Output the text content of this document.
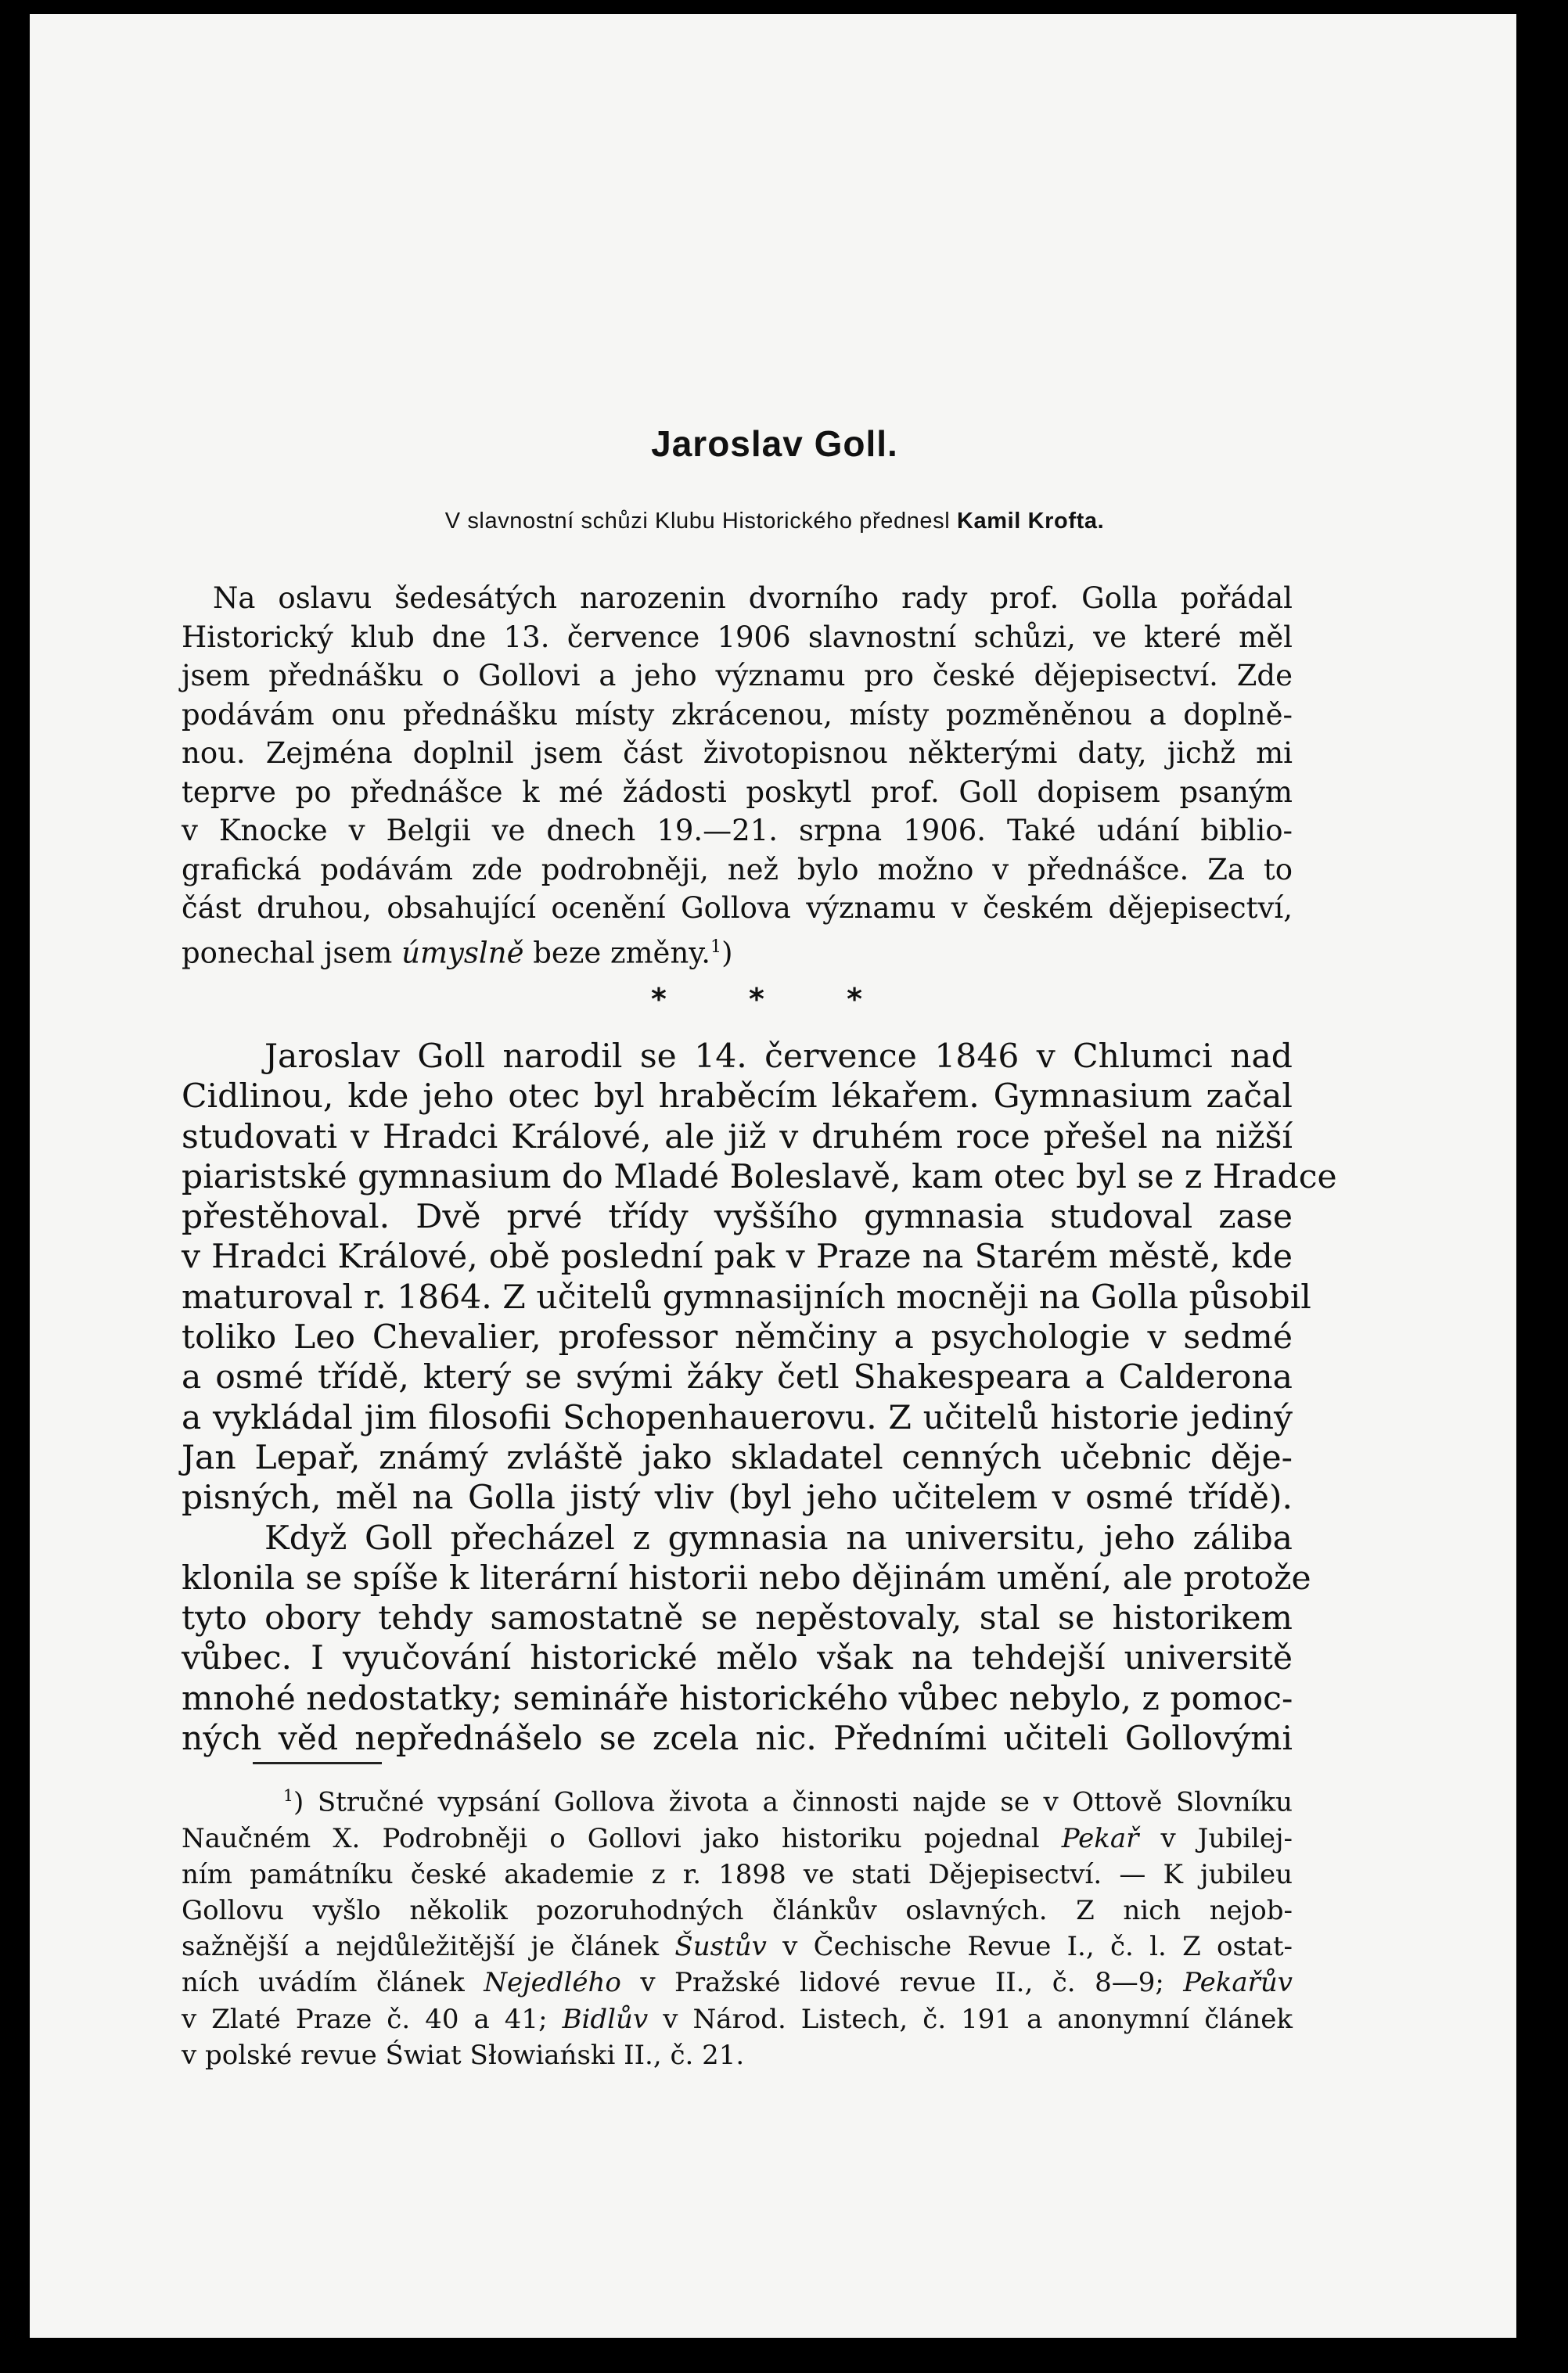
Jaroslav Goll.
V slavnostní schůzi Klubu Historického přednesl Kamil Krofta.
Na oslavu šedesátých narozenin dvorního rady prof. Golla pořádal
Historický klub dne 13. července 1906 slavnostní schůzi, ve které měl
jsem přednášku o Gollovi a jeho významu pro české dějepisectví. Zde
podávám onu přednášku místy zkrácenou, místy pozměněnou a doplně-
nou. Zejména doplnil jsem část životopisnou některými daty, jichž mi
teprve po přednášce k mé žádosti poskytl prof. Goll dopisem psaným
v Knocke v Belgii ve dnech 19.—21. srpna 1906. Také udání biblio-
grafická podávám zde podrobněji, než bylo možno v přednášce. Za to
část druhou, obsahující ocenění Gollova významu v českém dějepisectví,
ponechal jsem úmyslně beze změny.$^1$)
* * *
Jaroslav Goll narodil se 14. července 1846 v Chlumci nad
Cidlinou, kde jeho otec byl hraběcím lékařem. Gymnasium začal
studovati v Hradci Králové, ale již v druhém roce přešel na nižší
piaristské gymnasium do Mladé Boleslavě, kam otec byl se z Hradce
přestěhoval. Dvě prvé třídy vyššího gymnasia studoval zase
v Hradci Králové, obě poslední pak v Praze na Starém městě, kde
maturoval r. 1864. Z učitelů gymnasijních mocněji na Golla působil
toliko Leo Chevalier, professor němčiny a psychologie v sedmé
a osmé třídě, který se svými žáky četl Shakespeara a Calderona
a vykládal jim filosofii Schopenhauerovu. Z učitelů historie jediný
Jan Lepař, známý zvláště jako skladatel cenných učebnic děje-
pisných, měl na Golla jistý vliv (byl jeho učitelem v osmé třídě).
Když Goll přecházel z gymnasia na universitu, jeho záliba
klonila se spíše k literární historii nebo dějinám umění, ale protože
tyto obory tehdy samostatně se nepěstovaly, stal se historikem
vůbec. I vyučování historické mělo však na tehdejší universitě
mnohé nedostatky; semináře historického vůbec nebylo, z pomoc-
ných věd nepřednášelo se zcela nic. Předními učiteli Gollovými
$^1$) Stručné vypsání Gollova života a činnosti najde se v Ottově Slovníku
Naučném X. Podrobněji o Gollovi jako historiku pojednal Pekař v Jubilej-
ním památníku české akademie z r. 1898 ve stati Dějepisectví. — K jubileu
Gollovu vyšlo několik pozoruhodných článkův oslavných. Z nich nejob-
sažnější a nejdůležitější je článek Šustův v Čechische Revue I., č. l. Z ostat-
ních uvádím článek Nejedlého v Pražské lidové revue II., č. 8—9; Pekařův
v Zlaté Praze č. 40 a 41; Bidlův v Národ. Listech, č. 191 a anonymní článek
v polské revue Świat Słowiański II., č. 21.
